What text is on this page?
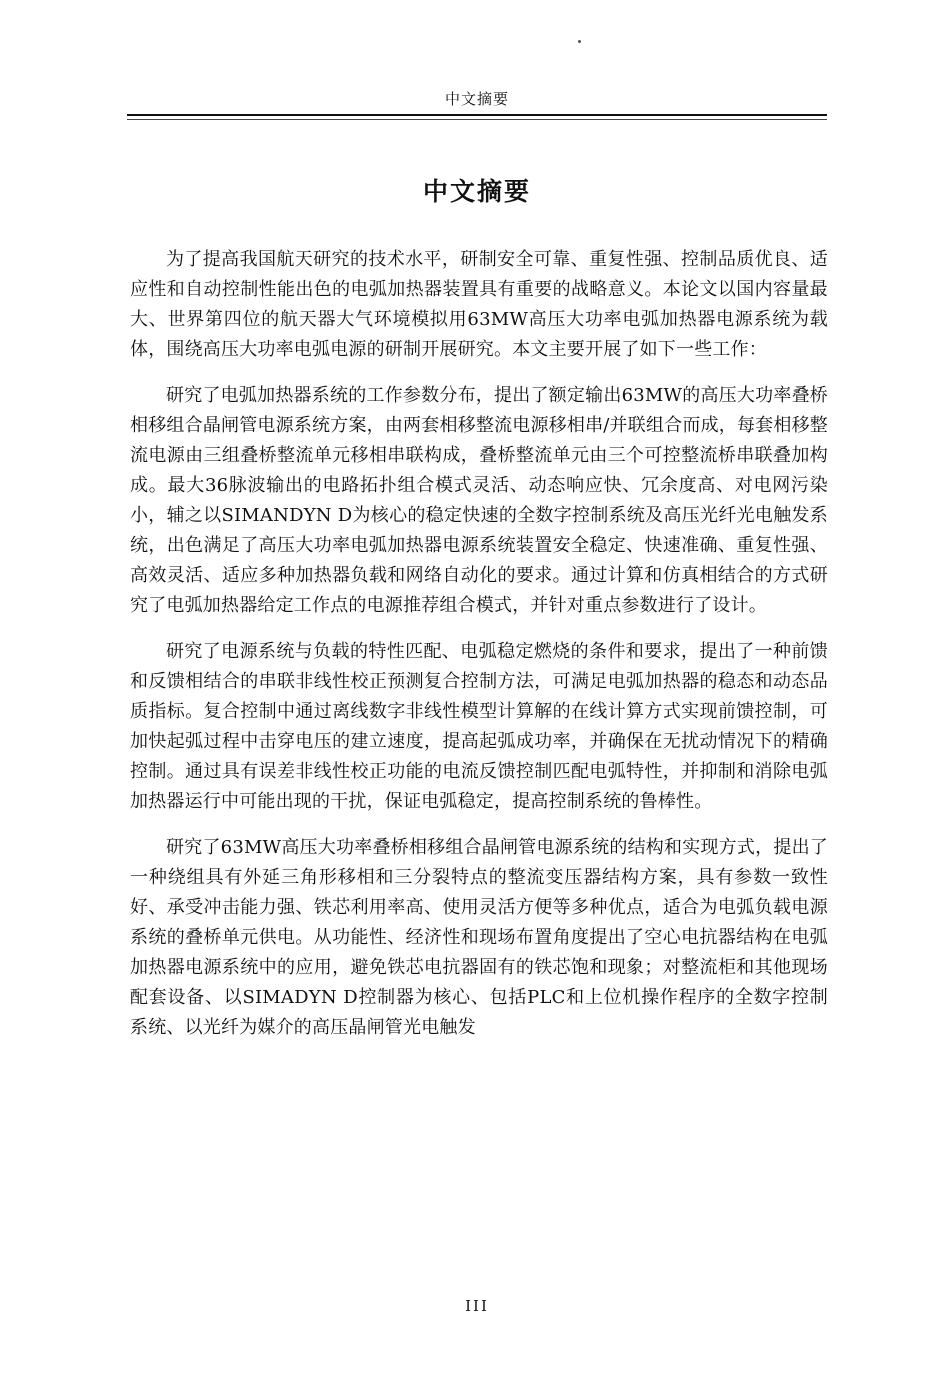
中文摘要
中文摘要

为了提高我国航天研究的技术水平，研制安全可靠、重复性强、控制品质优良、适应性和自动控制性能出色的电弧加热器装置具有重要的战略意义。本论文以国内容量最大、世界第四位的航天器大气环境模拟用63MW高压大功率电弧加热器电源系统为载体，围绕高压大功率电弧电源的研制开展研究。本文主要开展了如下一些工作：

研究了电弧加热器系统的工作参数分布，提出了额定输出63MW的高压大功率叠桥相移组合晶闸管电源系统方案，由两套相移整流电源移相串/并联组合而成，每套相移整流电源由三组叠桥整流单元移相串联构成，叠桥整流单元由三个可控整流桥串联叠加构成。最大36脉波输出的电路拓扑组合模式灵活、动态响应快、冗余度高、对电网污染小，辅之以SIMANDYN D为核心的稳定快速的全数字控制系统及高压光纤光电触发系统，出色满足了高压大功率电弧加热器电源系统装置安全稳定、快速准确、重复性强、高效灵活、适应多种加热器负载和网络自动化的要求。通过计算和仿真相结合的方式研究了电弧加热器给定工作点的电源推荐组合模式，并针对重点参数进行了设计。

研究了电源系统与负载的特性匹配、电弧稳定燃烧的条件和要求，提出了一种前馈和反馈相结合的串联非线性校正预测复合控制方法，可满足电弧加热器的稳态和动态品质指标。复合控制中通过离线数字非线性模型计算解的在线计算方式实现前馈控制，可加快起弧过程中击穿电压的建立速度，提高起弧成功率，并确保在无扰动情况下的精确控制。通过具有误差非线性校正功能的电流反馈控制匹配电弧特性，并抑制和消除电弧加热器运行中可能出现的干扰，保证电弧稳定，提高控制系统的鲁棒性。

研究了63MW高压大功率叠桥相移组合晶闸管电源系统的结构和实现方式，提出了一种绕组具有外延三角形移相和三分裂特点的整流变压器结构方案，具有参数一致性好、承受冲击能力强、铁芯利用率高、使用灵活方便等多种优点，适合为电弧负载电源系统的叠桥单元供电。从功能性、经济性和现场布置角度提出了空心电抗器结构在电弧加热器电源系统中的应用，避免铁芯电抗器固有的铁芯饱和现象；对整流柜和其他现场配套设备、以SIMADYN D控制器为核心、包括PLC和上位机操作程序的全数字控制系统、以光纤为媒介的高压晶闸管光电触发

III
